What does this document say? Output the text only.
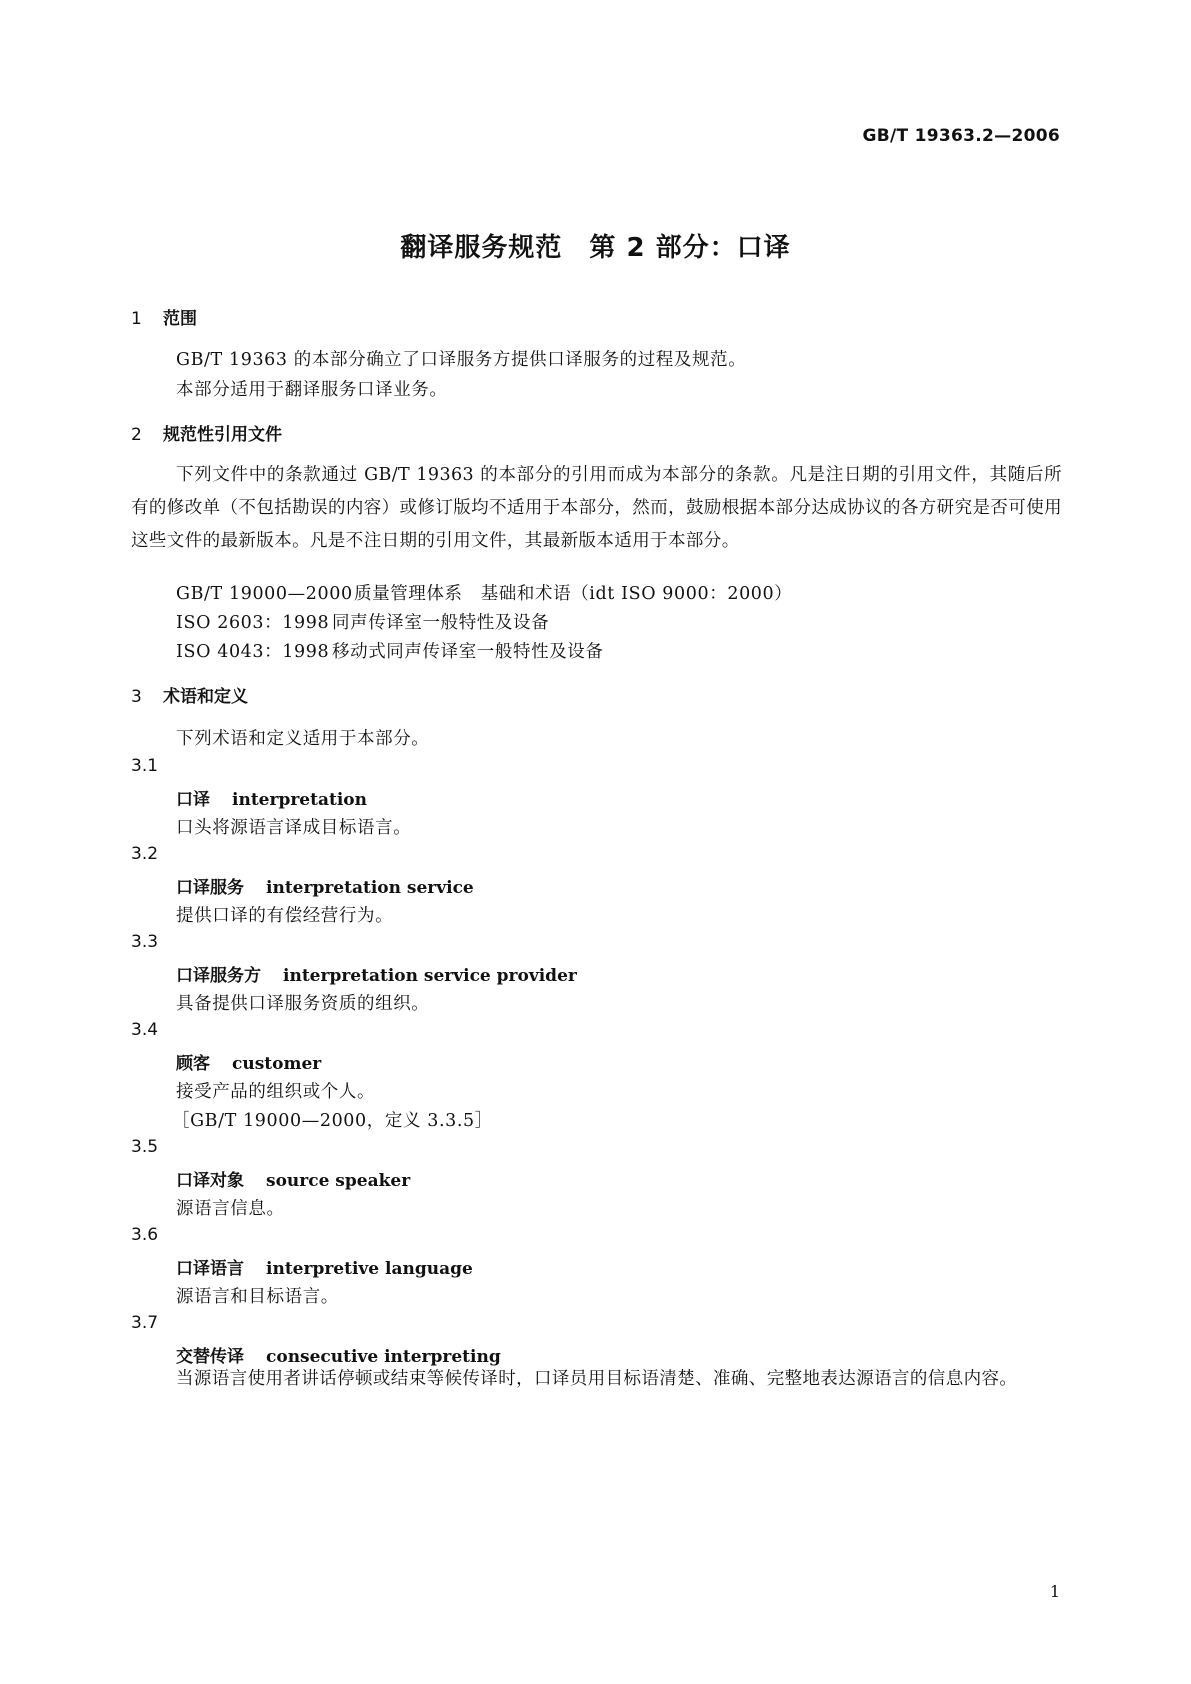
GB/T 19363.2—2006
翻译服务规范　第 2 部分：口译
1 范围
GB/T 19363 的本部分确立了口译服务方提供口译服务的过程及规范。
本部分适用于翻译服务口译业务。
2 规范性引用文件
下列文件中的条款通过 GB/T 19363 的本部分的引用而成为本部分的条款。凡是注日期的引用文件，其随后所有的修改单（不包括勘误的内容）或修订版均不适用于本部分，然而，鼓励根据本部分达成协议的各方研究是否可使用这些文件的最新版本。凡是不注日期的引用文件，其最新版本适用于本部分。
GB/T 19000—2000质量管理体系　基础和术语（idt ISO 9000：2000）
ISO 2603：1998 同声传译室一般特性及设备
ISO 4043：1998 移动式同声传译室一般特性及设备
3 术语和定义
下列术语和定义适用于本部分。
3.1
口译 interpretation
口头将源语言译成目标语言。
3.2
口译服务 interpretation service
提供口译的有偿经营行为。
3.3
口译服务方 interpretation service provider
具备提供口译服务资质的组织。
3.4
顾客 customer
接受产品的组织或个人。
［GB/T 19000—2000，定义 3.3.5］
3.5
口译对象 source speaker
源语言信息。
3.6
口译语言 interpretive language
源语言和目标语言。
3.7
交替传译 consecutive interpreting
当源语言使用者讲话停顿或结束等候传译时，口译员用目标语清楚、准确、完整地表达源语言的信息内容。
1
